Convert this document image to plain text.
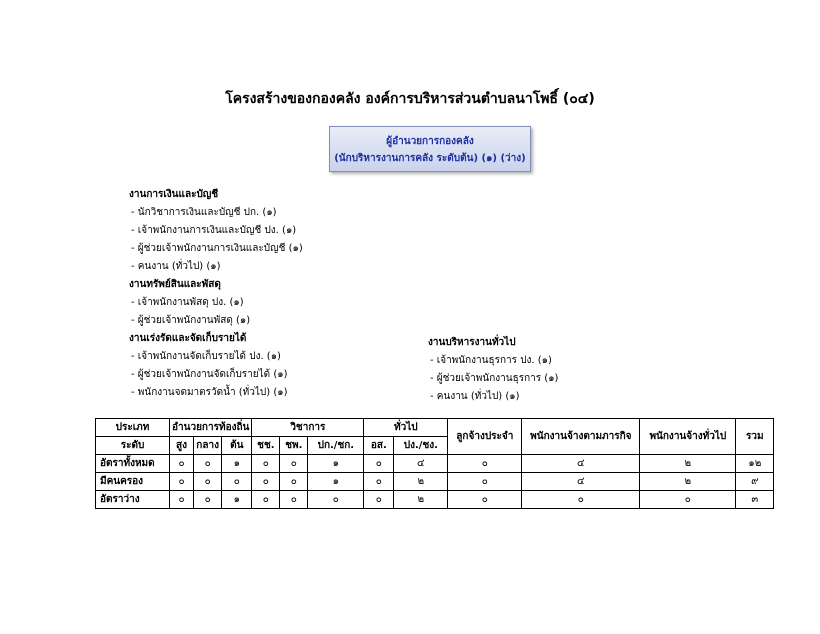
โครงสร้างของกองคลัง องค์การบริหารส่วนตำบลนาโพธิ์ (๐๔)
ผู้อำนวยการกองคลัง
(นักบริหารงานการคลัง ระดับต้น) (๑) (ว่าง)
งานการเงินและบัญชี
- นักวิชาการเงินและบัญชี ปก. (๑)
- เจ้าพนักงานการเงินและบัญชี ปง. (๑)
- ผู้ช่วยเจ้าพนักงานการเงินและบัญชี (๑)
- คนงาน (ทั่วไป) (๑)
งานทรัพย์สินและพัสดุ
- เจ้าพนักงานพัสดุ ปง. (๑)
- ผู้ช่วยเจ้าพนักงานพัสดุ (๑)
งานเร่งรัดและจัดเก็บรายได้
- เจ้าพนักงานจัดเก็บรายได้ ปง. (๑)
- ผู้ช่วยเจ้าพนักงานจัดเก็บรายได้ (๑)
- พนักงานจดมาตรวัดน้ำ (ทั่วไป) (๑)
งานบริหารงานทั่วไป
- เจ้าพนักงานธุรการ ปง. (๑)
- ผู้ช่วยเจ้าพนักงานธุรการ (๑)
- คนงาน (ทั่วไป) (๑)
ประเภท	อำนวยการท้องถิ่น			วิชาการ			ทั่วไป		ลูกจ้างประจำ	พนักงานจ้างตามภารกิจ	พนักงานจ้างทั่วไป	รวม
ระดับ	สูง	กลาง	ต้น	ชช.	ชพ.	ปก./ชก.	อส.	ปง./ชง.				
อัตราทั้งหมด	๐	๐	๑	๐	๐	๑	๐	๔	๐	๔	๒	๑๒
มีคนครอง	๐	๐	๐	๐	๐	๑	๐	๒	๐	๔	๒	๙
อัตราว่าง	๐	๐	๑	๐	๐	๐	๐	๒	๐	๐	๐	๓
